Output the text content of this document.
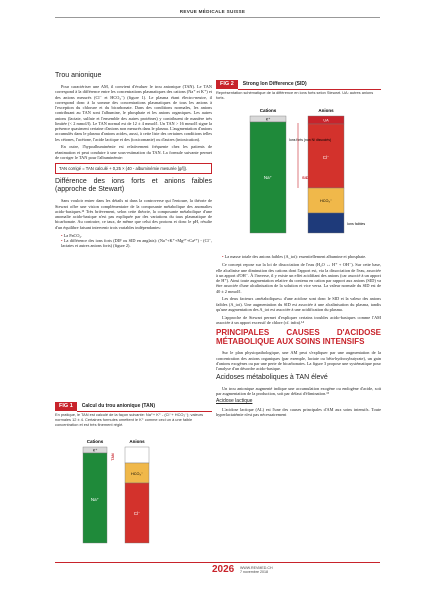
REVUE MÉDICALE SUISSE
Trou anionique

Pour caractériser une AM, il convient d'évaluer le trou anionique (TAN). Le TAN correspond à la différence entre les concentrations plasmatiques des cations (Na⁺ et K⁺) et des anions mesurés (Cl⁻ et HCO₃⁻) (figure 1). Le plasma étant électro-neutre, il correspond donc à la somme des concentrations plasmatiques de tous les anions à l'exception du chlorure et du bicarbonate. Dans des conditions normales, les anions contribuant au TAN sont l'albumine, le phosphate et les anions organiques. Les autres anions (lactate, sulfate et l'ensemble des autres protéines) y contribuent de manière très limitée (< 2 mmol/l). Le TAN normal est de 12 ± 4 mmol/l. Un TAN > 16 mmol/l signe la présence quasiment certaine d'anions non mesurés dans le plasma. L'augmentation d'anions accumulés dans le plasma d'anions acides, aussi, à cette liste des certaines conditions telles les cétones, l'acétone, l'acide lactique et des (toxicomanie) ou d'autres (intoxication).

En outre, l'hypoalbuminémie est relativement fréquente chez les patients de réanimation et peut conduire à une sous-estimation du TAN. La formule suivante permet de corriger le TAN pour l'albuminémie:

TAN corrigé = TAN calculé + 0,25 × (40 - albuminémie mesurée [g/l]).
Différence des ions forts et anions faibles (approche de Stewart)

Sans vouloir entrer dans les détails ni dans la controverse qui l'entoure, la théorie de Stewart offre une vision complémentaire de la composante métabolique des anomalies acido-basiques.¹³ Très brièvement, selon cette théorie, la composante métabolique d'une anomalie acido-basique n'est pas expliquée par des variations du taux plasmatique de bicarbonate. Au contraire, ce taux, de même que celui des protons et donc le pH, résulte d'un équilibre faisant intervenir trois variables indépendantes:

• La PaCO₂.
• La différence des ions forts (DIF ou SID en anglais): (Na⁺+K⁺+Mg²⁺+Ca²⁺) - (Cl⁻, lactates et autres anions forts) (figure 2).
FIG 1	Calcul du trou anionique (TAN)
En pratique, le TAN est calculé de la façon suivante: Na⁺+ K⁺ - (Cl⁻+ HCO₃⁻); valeurs normales 12 ± 4. Certaines formules omettent le K⁺ comme ceci un à une faible concentration et est très finement réglé.
Cations	Anions
K⁺
Na⁺
TAN
HCO₃⁻
Cl⁻
FIG 2	Strong Ion Difference (SID)
Représentation schématique de la différence en ions forts selon Stewart. UA: autres anions forts.
Cations	Anions
K⁺
Na⁺
UA
Cl⁻
HCO₃⁻
Ions forts (non N/ dissociés)
SID
Ions faibles
• La masse totale des anions faibles (A_tot): essentiellement albumine et phosphate.

Ce concept repose sur la loi de dissociation de l'eau (H₂O ↔ H⁺ + OH⁻). Sur cette base, elle alcalinise une diminution des cations dont l'apport est, via la dissociation de l'eau, associée à un apport d'OH⁻. À l'inverse, il y existe un effet acidifiant des anions (car associé à un apport de H⁺). Ainsi toute augmentation relative du contenu en cation par rapport aux anions (SID) va être associée d'une alcalinisation de la solution et vice versa. La valeur normale du SID est de 40 ± 2 mmol/l.

Les deux facteurs «métaboliques» d'une acidose sont donc le SID et la valeur des anions faibles (A_tot). Une augmentation du SID est associée à une alcalinisation du plasma, tandis qu'une augmentation des A_tot est associée à une acidification du plasma.

L'approche de Stewart permet d'expliquer certains troubles acido-basiques comme l'AM associée à un apport excessif de chlore (cf. infra).¹⁴

PRINCIPALES CAUSES D'ACIDOSE MÉTABOLIQUE AUX SOINS INTENSIFS

Sur le plan physiopathologique, une AM peut s'expliquer par une augmentation de la concentration des anions organiques (par exemple, lactate ou bêta-hydroxybutyrate), un gain d'anions exogènes ou par une perte de bicarbonates. La figure 3 propose une systématique pour l'analyse d'un désordre acido-basique.

Acidoses métaboliques à TAN élevé

Un trou anionique augmenté indique une accumulation exogène ou endogène d'acide, soit par augmentation de la production, soit par défaut d'élimination.¹⁵

Acidose lactique

L'acidose lactique (AL) est l'une des causes principales d'AM aux soins intensifs. Toute hyperlactatémie n'est pas nécessairement

2026 WWW.REVMED.CH
7 novembre 2018
